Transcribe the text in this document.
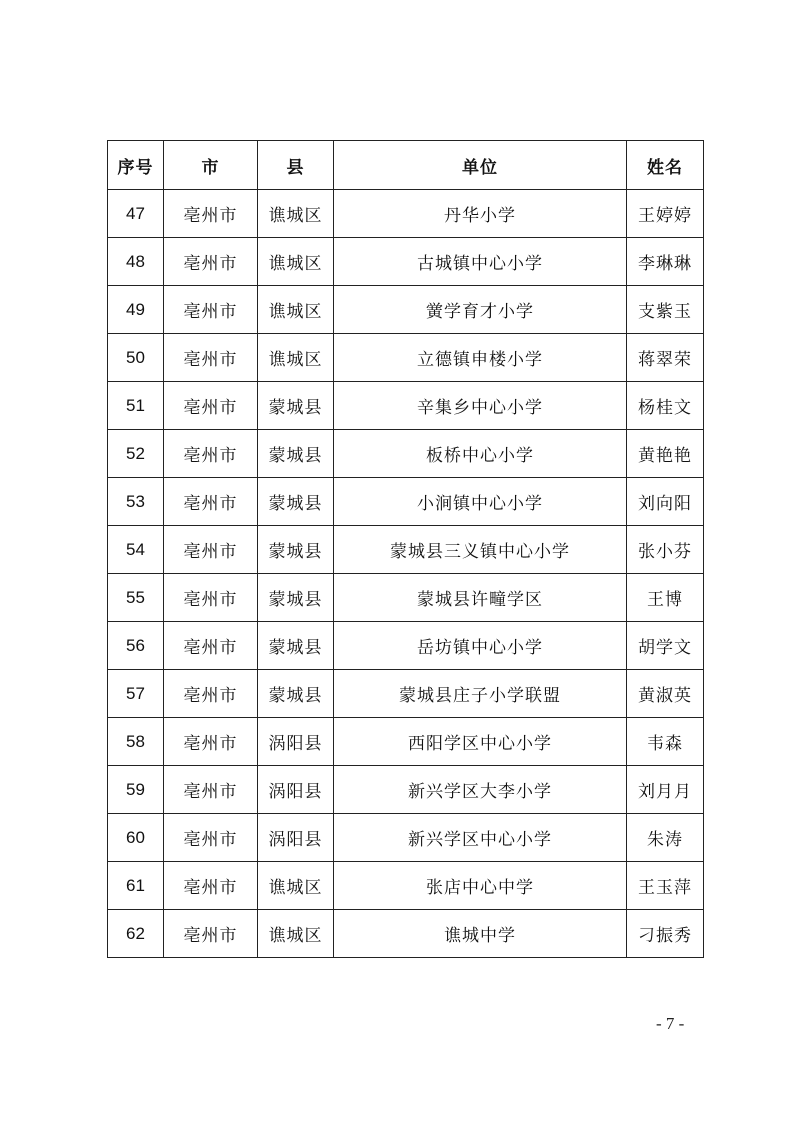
序号	市	县	单位	姓名
47	亳州市	谯城区	丹华小学	王婷婷
48	亳州市	谯城区	古城镇中心小学	李琳琳
49	亳州市	谯城区	黉学育才小学	支紫玉
50	亳州市	谯城区	立德镇申楼小学	蒋翠荣
51	亳州市	蒙城县	辛集乡中心小学	杨桂文
52	亳州市	蒙城县	板桥中心小学	黄艳艳
53	亳州市	蒙城县	小涧镇中心小学	刘向阳
54	亳州市	蒙城县	蒙城县三义镇中心小学	张小芬
55	亳州市	蒙城县	蒙城县许疃学区	王博
56	亳州市	蒙城县	岳坊镇中心小学	胡学文
57	亳州市	蒙城县	蒙城县庄子小学联盟	黄淑英
58	亳州市	涡阳县	西阳学区中心小学	韦森
59	亳州市	涡阳县	新兴学区大李小学	刘月月
60	亳州市	涡阳县	新兴学区中心小学	朱涛
61	亳州市	谯城区	张店中心中学	王玉萍
62	亳州市	谯城区	谯城中学	刁振秀
- 7 -
